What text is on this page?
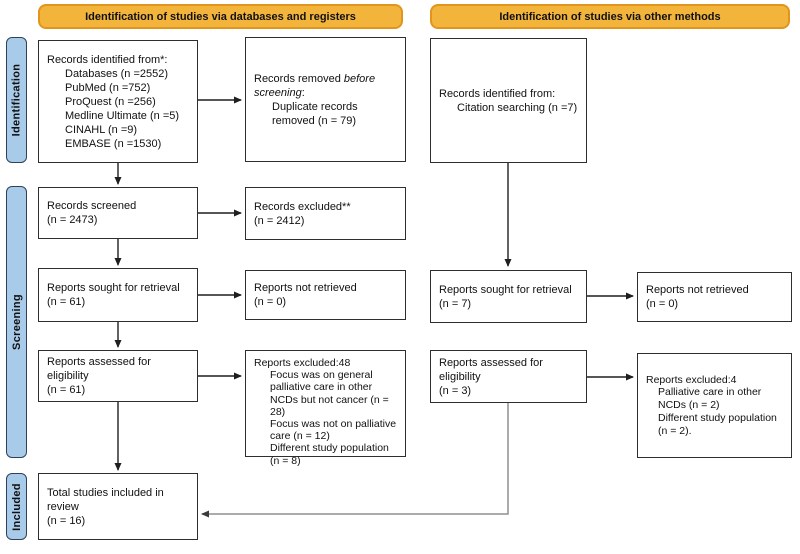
Identification of studies via databases and registers	Identification of studies via other methods
Identification
Screening
Included
Records identified from*:
Databases (n =2552)
PubMed (n =752)
ProQuest (n =256)
Medline Ultimate (n =5)
CINAHL (n =9)
EMBASE (n =1530)
Records screened
(n = 2473)
Reports sought for retrieval
(n = 61)
Reports assessed for eligibility
(n = 61)
Total studies included in review
(n = 16)
Records removed before screening:
Duplicate records removed (n = 79)
Records excluded**
(n = 2412)
Reports not retrieved
(n = 0)
Reports excluded:48
Focus was on general palliative care in other NCDs but not cancer (n = 28)
Focus was not on palliative care (n = 12)
Different study population (n = 8)
Records identified from:
Citation searching (n =7)
Reports sought for retrieval
(n = 7)
Reports assessed for eligibility
(n = 3)
Reports not retrieved
(n = 0)
Reports excluded:4
Palliative care in other NCDs (n = 2)
Different study population (n = 2).
